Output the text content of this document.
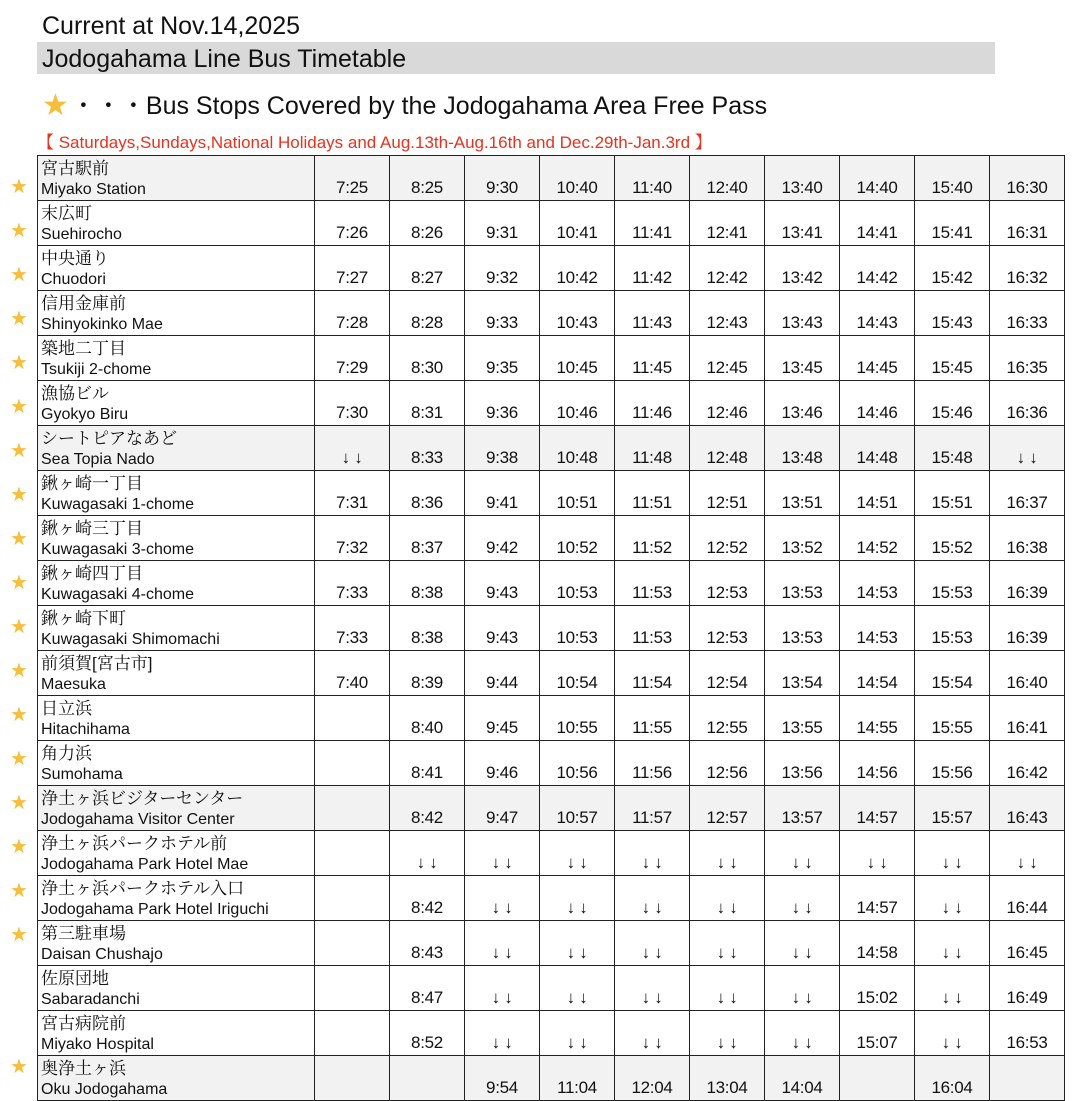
Current at Nov.14,2025
Jodogahama Line Bus Timetable
★ ・・・Bus Stops Covered by the Jodogahama Area Free Pass
【 Saturdays,Sundays,National Holidays and Aug.13th-Aug.16th and Dec.29th-Jan.3rd 】
宮古駅前
Miyako Station	7:25	8:25	9:30	10:40	11:40	12:40	13:40	14:40	15:40	16:30

末広町
Suehirocho	7:26	8:26	9:31	10:41	11:41	12:41	13:41	14:41	15:41	16:31

中央通り
Chuodori	7:27	8:27	9:32	10:42	11:42	12:42	13:42	14:42	15:42	16:32

信用金庫前
Shinyokinko Mae	7:28	8:28	9:33	10:43	11:43	12:43	13:43	14:43	15:43	16:33

築地二丁目
Tsukiji 2-chome	7:29	8:30	9:35	10:45	11:45	12:45	13:45	14:45	15:45	16:35

漁協ビル
Gyokyo Biru	7:30	8:31	9:36	10:46	11:46	12:46	13:46	14:46	15:46	16:36

シートピアなあど
Sea Topia Nado	↓ ↓	8:33	9:38	10:48	11:48	12:48	13:48	14:48	15:48	↓ ↓

鍬ヶ崎一丁目
Kuwagasaki 1-chome	7:31	8:36	9:41	10:51	11:51	12:51	13:51	14:51	15:51	16:37

鍬ヶ崎三丁目
Kuwagasaki 3-chome	7:32	8:37	9:42	10:52	11:52	12:52	13:52	14:52	15:52	16:38

鍬ヶ崎四丁目
Kuwagasaki 4-chome	7:33	8:38	9:43	10:53	11:53	12:53	13:53	14:53	15:53	16:39

鍬ヶ崎下町
Kuwagasaki Shimomachi	7:33	8:38	9:43	10:53	11:53	12:53	13:53	14:53	15:53	16:39

前須賀[宮古市]
Maesuka	7:40	8:39	9:44	10:54	11:54	12:54	13:54	14:54	15:54	16:40

日立浜
Hitachihama		8:40	9:45	10:55	11:55	12:55	13:55	14:55	15:55	16:41

角力浜
Sumohama		8:41	9:46	10:56	11:56	12:56	13:56	14:56	15:56	16:42

浄土ヶ浜ビジターセンター
Jodogahama Visitor Center		8:42	9:47	10:57	11:57	12:57	13:57	14:57	15:57	16:43

浄土ヶ浜パークホテル前
Jodogahama Park Hotel Mae		↓ ↓	↓ ↓	↓ ↓	↓ ↓	↓ ↓	↓ ↓	↓ ↓	↓ ↓	↓ ↓

浄土ヶ浜パークホテル入口
Jodogahama Park Hotel Iriguchi		8:42	↓ ↓	↓ ↓	↓ ↓	↓ ↓	↓ ↓	14:57	↓ ↓	16:44

第三駐車場
Daisan Chushajo		8:43	↓ ↓	↓ ↓	↓ ↓	↓ ↓	↓ ↓	14:58	↓ ↓	16:45

佐原団地
Sabaradanchi		8:47	↓ ↓	↓ ↓	↓ ↓	↓ ↓	↓ ↓	15:02	↓ ↓	16:49

宮古病院前
Miyako Hospital		8:52	↓ ↓	↓ ↓	↓ ↓	↓ ↓	↓ ↓	15:07	↓ ↓	16:53

奥浄土ヶ浜
Oku Jodogahama			9:54	11:04	12:04	13:04	14:04		16:04	
★
★
★
★
★
★
★
★
★
★
★
★
★
★
★
★
★
★
★
